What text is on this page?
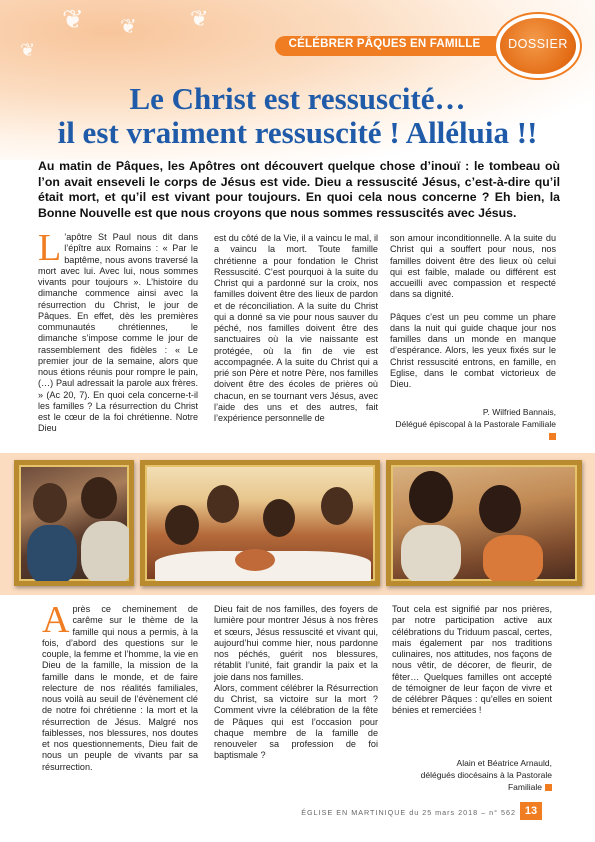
❦ ❦ ❦
❦	CÉLÉBRER PÂQUES EN FAMILLE	DOSSIER
Le Christ est ressuscité…
il est vraiment ressuscité ! Alléluia !!
Au matin de Pâques, les Apôtres ont découvert quelque chose d’inouï : le tombeau où l’on avait enseveli le corps de Jésus est vide. Dieu a ressuscité Jésus, c’est-à-dire qu’il était mort, et qu’il est vivant pour toujours. En quoi cela nous concerne ? Eh bien, la Bonne Nouvelle est que nous croyons que nous sommes ressuscités avec Jésus.
L ’apôtre St Paul nous dit dans l’épître aux Romains : « Par le baptême, nous avons traversé la mort avec lui. Avec lui, nous sommes vivants pour toujours ». L’histoire du dimanche commence ainsi avec la résurrection du Christ, le jour de Pâques. En effet, dès les premières communautés chrétiennes, le dimanche s’impose comme le jour de rassemblement des fidèles : « Le premier jour de la semaine, alors que nous étions réunis pour rompre le pain, (…) Paul adressait la parole aux frères. » (Ac 20, 7). En quoi cela concerne-t-il les familles ? La résurrection du Christ est le cœur de la foi chrétienne. Notre Dieu
est du côté de la Vie, il a vaincu le mal, il a vaincu la mort. Toute famille chrétienne a pour fondation le Christ Ressuscité. C’est pourquoi à la suite du Christ qui a pardonné sur la croix, nos familles doivent être des lieux de pardon et de réconciliation. A la suite du Christ qui a donné sa vie pour nous sauver du péché, nos familles doivent être des sanctuaires où la vie naissante est protégée, où la fin de vie est accompagnée. A la suite du Christ qui a prié son Père et notre Père, nos familles doivent être des écoles de prières où chacun, en se tournant vers Jésus, avec l’aide des uns et des autres, fait l’expérience personnelle de
son amour inconditionnelle. A la suite du Christ qui a souffert pour nous, nos familles doivent être des lieux où celui qui est faible, malade ou différent est accueilli avec compassion et respecté dans sa dignité.
Pâques c’est un peu comme un phare dans la nuit qui guide chaque jour nos familles dans un monde en manque d’espérance. Alors, les yeux fixés sur le Christ ressuscité entrons, en famille, en Eglise, dans le combat victorieux de Dieu.
P. Wilfried Bannais,
Délégué épiscopal à la Pastorale Familiale
Après ce cheminement de carême sur le thème de la famille qui nous a permis, à la fois, d’abord des questions sur le couple, la femme et l’homme, la vie en Dieu de la famille, la mission de la famille dans le monde, et de faire relecture de nos réalités familiales, nous voilà au seuil de l’évènement clé de notre foi chrétienne : la mort et la résurrection de Jésus. Malgré nos faiblesses, nos blessures, nos doutes et nos questionnements, Dieu fait de nous un peuple de vivants par sa résurrection.
Dieu fait de nos familles, des foyers de lumière pour montrer Jésus à nos frères et sœurs, Jésus ressuscité et vivant qui, aujourd’hui comme hier, nous pardonne nos péchés, guérit nos blessures, rétablit l’unité, fait grandir la paix et la joie dans nos familles.
Alors, comment célébrer la Résurrection du Christ, sa victoire sur la mort ? Comment vivre la célébration de la fête de Pâques qui est l’occasion pour chaque membre de la famille de renouveler sa profession de foi baptismale ?
Tout cela est signifié par nos prières, par notre participation active aux célébrations du Triduum pascal, certes, mais également par nos traditions culinaires, nos attitudes, nos façons de nous vêtir, de décorer, de fleurir, de fêter… Quelques familles ont accepté de témoigner de leur façon de vivre et de célébrer Pâques : qu’elles en soient bénies et remerciées !
Alain et Béatrice Arnauld,
délégués diocésains à la Pastorale Familiale
ÉGLISE EN MARTINIQUE du 25 mars 2018 – n° 562 13
